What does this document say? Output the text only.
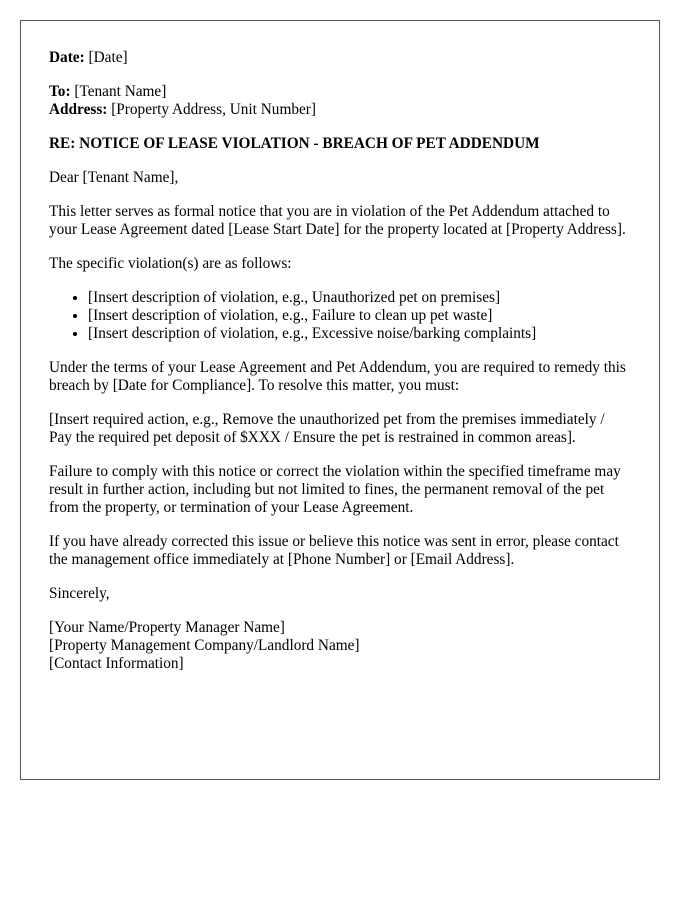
Date: [Date]

To: [Tenant Name]

Address: [Property Address, Unit Number]

RE: NOTICE OF LEASE VIOLATION - BREACH OF PET ADDENDUM

Dear [Tenant Name],

This letter serves as formal notice that you are in violation of the Pet Addendum attached to your Lease Agreement dated [Lease Start Date] for the property located at [Property Address].

The specific violation(s) are as follows:

• [Insert description of violation, e.g., Unauthorized pet on premises]
• [Insert description of violation, e.g., Failure to clean up pet waste]
• [Insert description of violation, e.g., Excessive noise/barking complaints]

Under the terms of your Lease Agreement and Pet Addendum, you are required to remedy this breach by [Date for Compliance]. To resolve this matter, you must:

[Insert required action, e.g., Remove the unauthorized pet from the premises immediately / Pay the required pet deposit of $XXX / Ensure the pet is restrained in common areas].

Failure to comply with this notice or correct the violation within the specified timeframe may result in further action, including but not limited to fines, the permanent removal of the pet from the property, or termination of your Lease Agreement.

If you have already corrected this issue or believe this notice was sent in error, please contact the management office immediately at [Phone Number] or [Email Address].

Sincerely,

[Your Name/Property Manager Name]

[Property Management Company/Landlord Name]

[Contact Information]
